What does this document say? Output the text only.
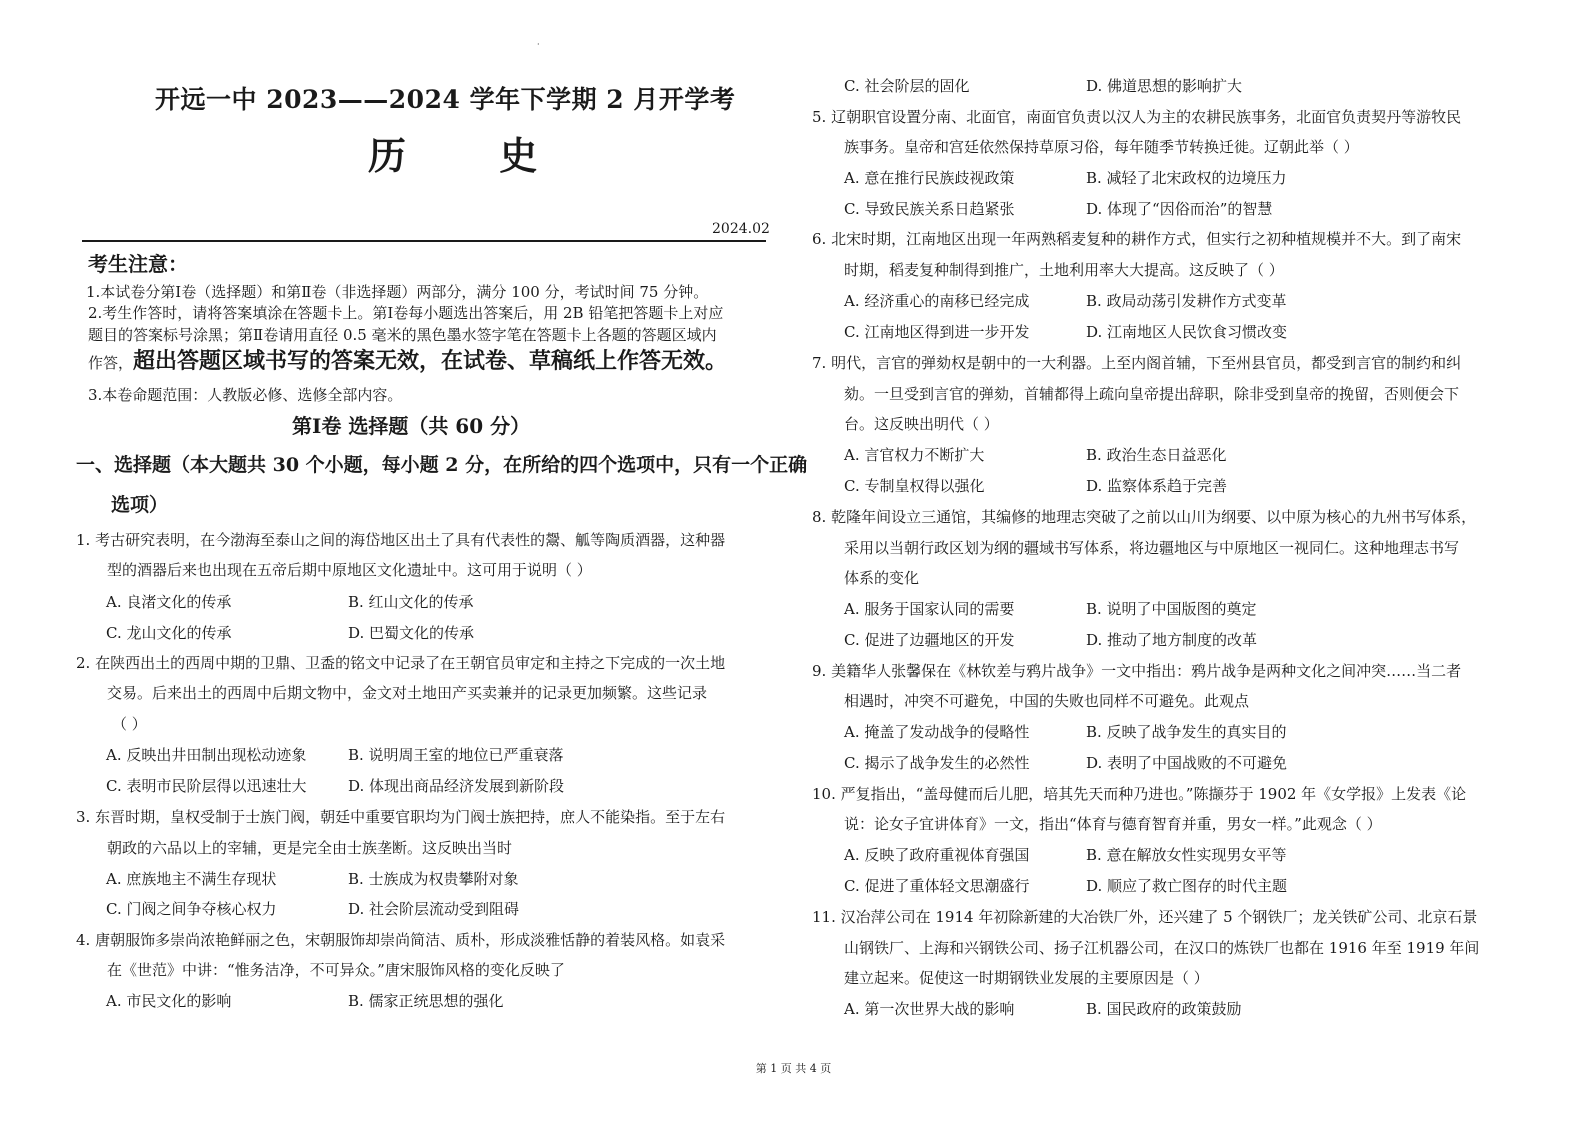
·
开远一中 2023——2024 学年下学期 2 月开学考
历 史
2024.02
考生注意：
1.本试卷分第Ⅰ卷（选择题）和第Ⅱ卷（非选择题）两部分，满分 100 分，考试时间 75 分钟。
2.考生作答时，请将答案填涂在答题卡上。第Ⅰ卷每小题选出答案后，用 2B 铅笔把答题卡上对应
题目的答案标号涂黑；第Ⅱ卷请用直径 0.5 毫米的黑色墨水签字笔在答题卡上各题的答题区域内
作答，超出答题区域书写的答案无效，在试卷、草稿纸上作答无效。
3.本卷命题范围：人教版必修、选修全部内容。
第Ⅰ卷 选择题（共 60 分）
一、选择题（本大题共 30 个小题，每小题 2 分，在所给的四个选项中，只有一个正确
选项）
1. 考古研究表明，在今渤海至泰山之间的海岱地区出土了具有代表性的鬶、觚等陶质酒器，这种器
型的酒器后来也出现在五帝后期中原地区文化遗址中。这可用于说明（ ）
A. 良渚文化的传承	B. 红山文化的传承
C. 龙山文化的传承	D. 巴蜀文化的传承
2. 在陕西出土的西周中期的卫鼎、卫盉的铭文中记录了在王朝官员审定和主持之下完成的一次土地
交易。后来出土的西周中后期文物中，金文对土地田产买卖兼并的记录更加频繁。这些记录
（ ）
A. 反映出井田制出现松动迹象	B. 说明周王室的地位已严重衰落
C. 表明市民阶层得以迅速壮大	D. 体现出商品经济发展到新阶段
3. 东晋时期，皇权受制于士族门阀，朝廷中重要官职均为门阀士族把持，庶人不能染指。至于左右
朝政的六品以上的宰辅，更是完全由士族垄断。这反映出当时
A. 庶族地主不满生存现状	B. 士族成为权贵攀附对象
C. 门阀之间争夺核心权力	D. 社会阶层流动受到阻碍
4. 唐朝服饰多崇尚浓艳鲜丽之色，宋朝服饰却崇尚简洁、质朴，形成淡雅恬静的着装风格。如袁采
在《世范》中讲：“惟务洁净，不可异众。”唐宋服饰风格的变化反映了
A. 市民文化的影响	B. 儒家正统思想的强化
C. 社会阶层的固化	D. 佛道思想的影响扩大
5. 辽朝职官设置分南、北面官，南面官负责以汉人为主的农耕民族事务，北面官负责契丹等游牧民
族事务。皇帝和宫廷依然保持草原习俗，每年随季节转换迁徙。辽朝此举（ ）
A. 意在推行民族歧视政策	B. 减轻了北宋政权的边境压力
C. 导致民族关系日趋紧张	D. 体现了“因俗而治”的智慧
6. 北宋时期，江南地区出现一年两熟稻麦复种的耕作方式，但实行之初种植规模并不大。到了南宋
时期，稻麦复种制得到推广，土地利用率大大提高。这反映了（ ）
A. 经济重心的南移已经完成	B. 政局动荡引发耕作方式变革
C. 江南地区得到进一步开发	D. 江南地区人民饮食习惯改变
7. 明代，言官的弹劾权是朝中的一大利器。上至内阁首辅，下至州县官员，都受到言官的制约和纠
劾。一旦受到言官的弹劾，首辅都得上疏向皇帝提出辞职，除非受到皇帝的挽留，否则便会下
台。这反映出明代（ ）
A. 言官权力不断扩大	B. 政治生态日益恶化
C. 专制皇权得以强化	D. 监察体系趋于完善
8. 乾隆年间设立三通馆，其编修的地理志突破了之前以山川为纲要、以中原为核心的九州书写体系，
采用以当朝行政区划为纲的疆域书写体系，将边疆地区与中原地区一视同仁。这种地理志书写
体系的变化
A. 服务于国家认同的需要	B. 说明了中国版图的奠定
C. 促进了边疆地区的开发	D. 推动了地方制度的改革
9. 美籍华人张馨保在《林钦差与鸦片战争》一文中指出：鸦片战争是两种文化之间冲突……当二者
相遇时，冲突不可避免，中国的失败也同样不可避免。此观点
A. 掩盖了发动战争的侵略性	B. 反映了战争发生的真实目的
C. 揭示了战争发生的必然性	D. 表明了中国战败的不可避免
10. 严复指出，“盖母健而后儿肥，培其先天而种乃进也。”陈撷芬于 1902 年《女学报》上发表《论
说：论女子宜讲体育》一文，指出“体育与德育智育并重，男女一样。”此观念（ ）
A. 反映了政府重视体育强国	B. 意在解放女性实现男女平等
C. 促进了重体轻文思潮盛行	D. 顺应了救亡图存的时代主题
11. 汉冶萍公司在 1914 年初除新建的大冶铁厂外，还兴建了 5 个钢铁厂；龙关铁矿公司、北京石景
山钢铁厂、上海和兴钢铁公司、扬子江机器公司，在汉口的炼铁厂也都在 1916 年至 1919 年间
建立起来。促使这一时期钢铁业发展的主要原因是（ ）
A. 第一次世界大战的影响	B. 国民政府的政策鼓励
第 1 页 共 4 页
